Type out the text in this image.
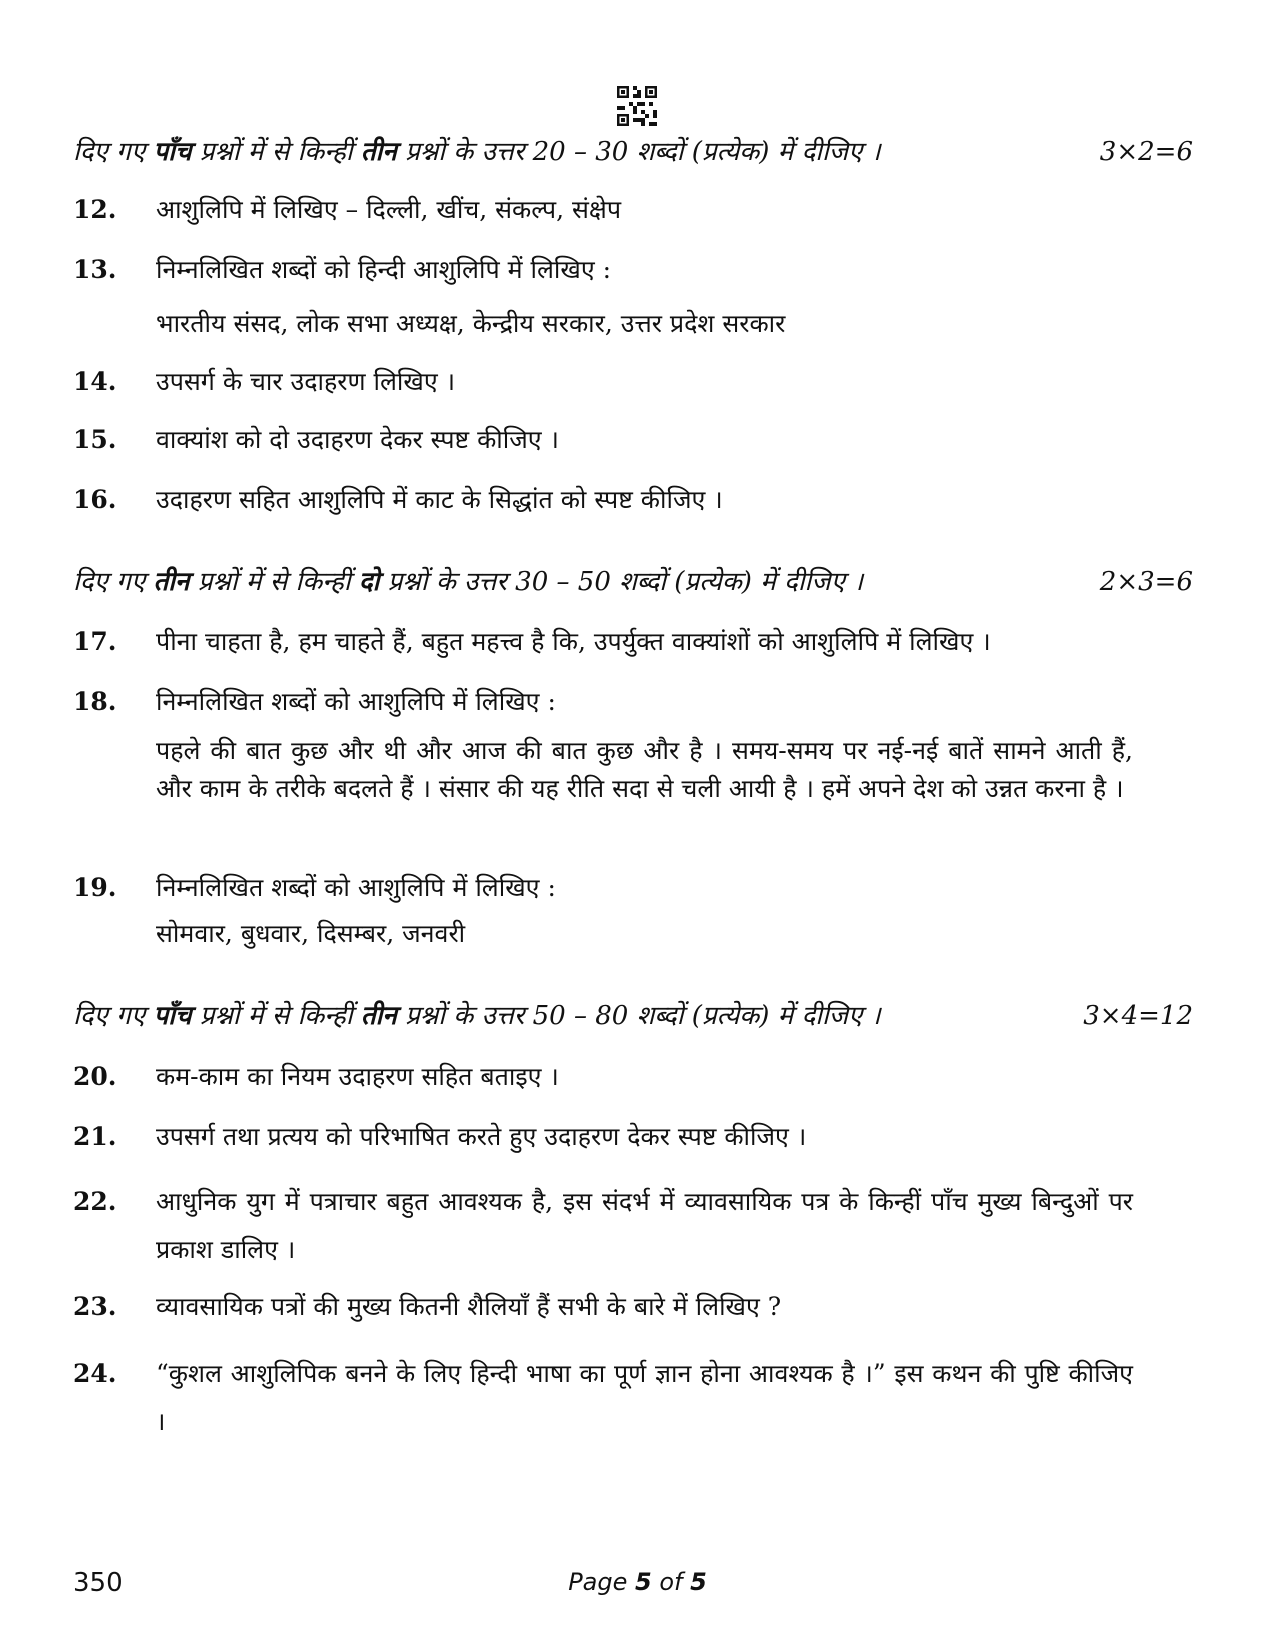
दिए गए पाँच प्रश्नों में से किन्हीं तीन प्रश्नों के उत्तर 20 – 30 शब्दों (प्रत्येक) में दीजिए ।	3×2=6
12.	आशुलिपि में लिखिए – दिल्ली, खींच, संकल्प, संक्षेप

13.	निम्नलिखित शब्दों को हिन्दी आशुलिपि में लिखिए :

भारतीय संसद, लोक सभा अध्यक्ष, केन्द्रीय सरकार, उत्तर प्रदेश सरकार

14.	उपसर्ग के चार उदाहरण लिखिए ।

15.	वाक्यांश को दो उदाहरण देकर स्पष्ट कीजिए ।

16.	उदाहरण सहित आशुलिपि में काट के सिद्धांत को स्पष्ट कीजिए ।

दिए गए तीन प्रश्नों में से किन्हीं दो प्रश्नों के उत्तर 30 – 50 शब्दों (प्रत्येक) में दीजिए ।	2×3=6
17.	पीना चाहता है, हम चाहते हैं, बहुत महत्त्व है कि, उपर्युक्त वाक्यांशों को आशुलिपि में लिखिए ।

18.	निम्नलिखित शब्दों को आशुलिपि में लिखिए :

पहले की बात कुछ और थी और आज की बात कुछ और है । समय-समय पर नई-नई बातें सामने आती हैं, और काम के तरीके बदलते हैं । संसार की यह रीति सदा से चली आयी है । हमें अपने देश को उन्नत करना है ।

19.	निम्नलिखित शब्दों को आशुलिपि में लिखिए :

सोमवार, बुधवार, दिसम्बर, जनवरी

दिए गए पाँच प्रश्नों में से किन्हीं तीन प्रश्नों के उत्तर 50 – 80 शब्दों (प्रत्येक) में दीजिए ।	3×4=12
20.	कम-काम का नियम उदाहरण सहित बताइए ।

21.	उपसर्ग तथा प्रत्यय को परिभाषित करते हुए उदाहरण देकर स्पष्ट कीजिए ।

22.	आधुनिक युग में पत्राचार बहुत आवश्यक है, इस संदर्भ में व्यावसायिक पत्र के किन्हीं पाँच मुख्य बिन्दुओं पर प्रकाश डालिए ।

23.	व्यावसायिक पत्रों की मुख्य कितनी शैलियाँ हैं सभी के बारे में लिखिए ?

24.	“कुशल आशुलिपिक बनने के लिए हिन्दी भाषा का पूर्ण ज्ञान होना आवश्यक है ।” इस कथन की पुष्टि कीजिए ।

350	Page 5 of 5
